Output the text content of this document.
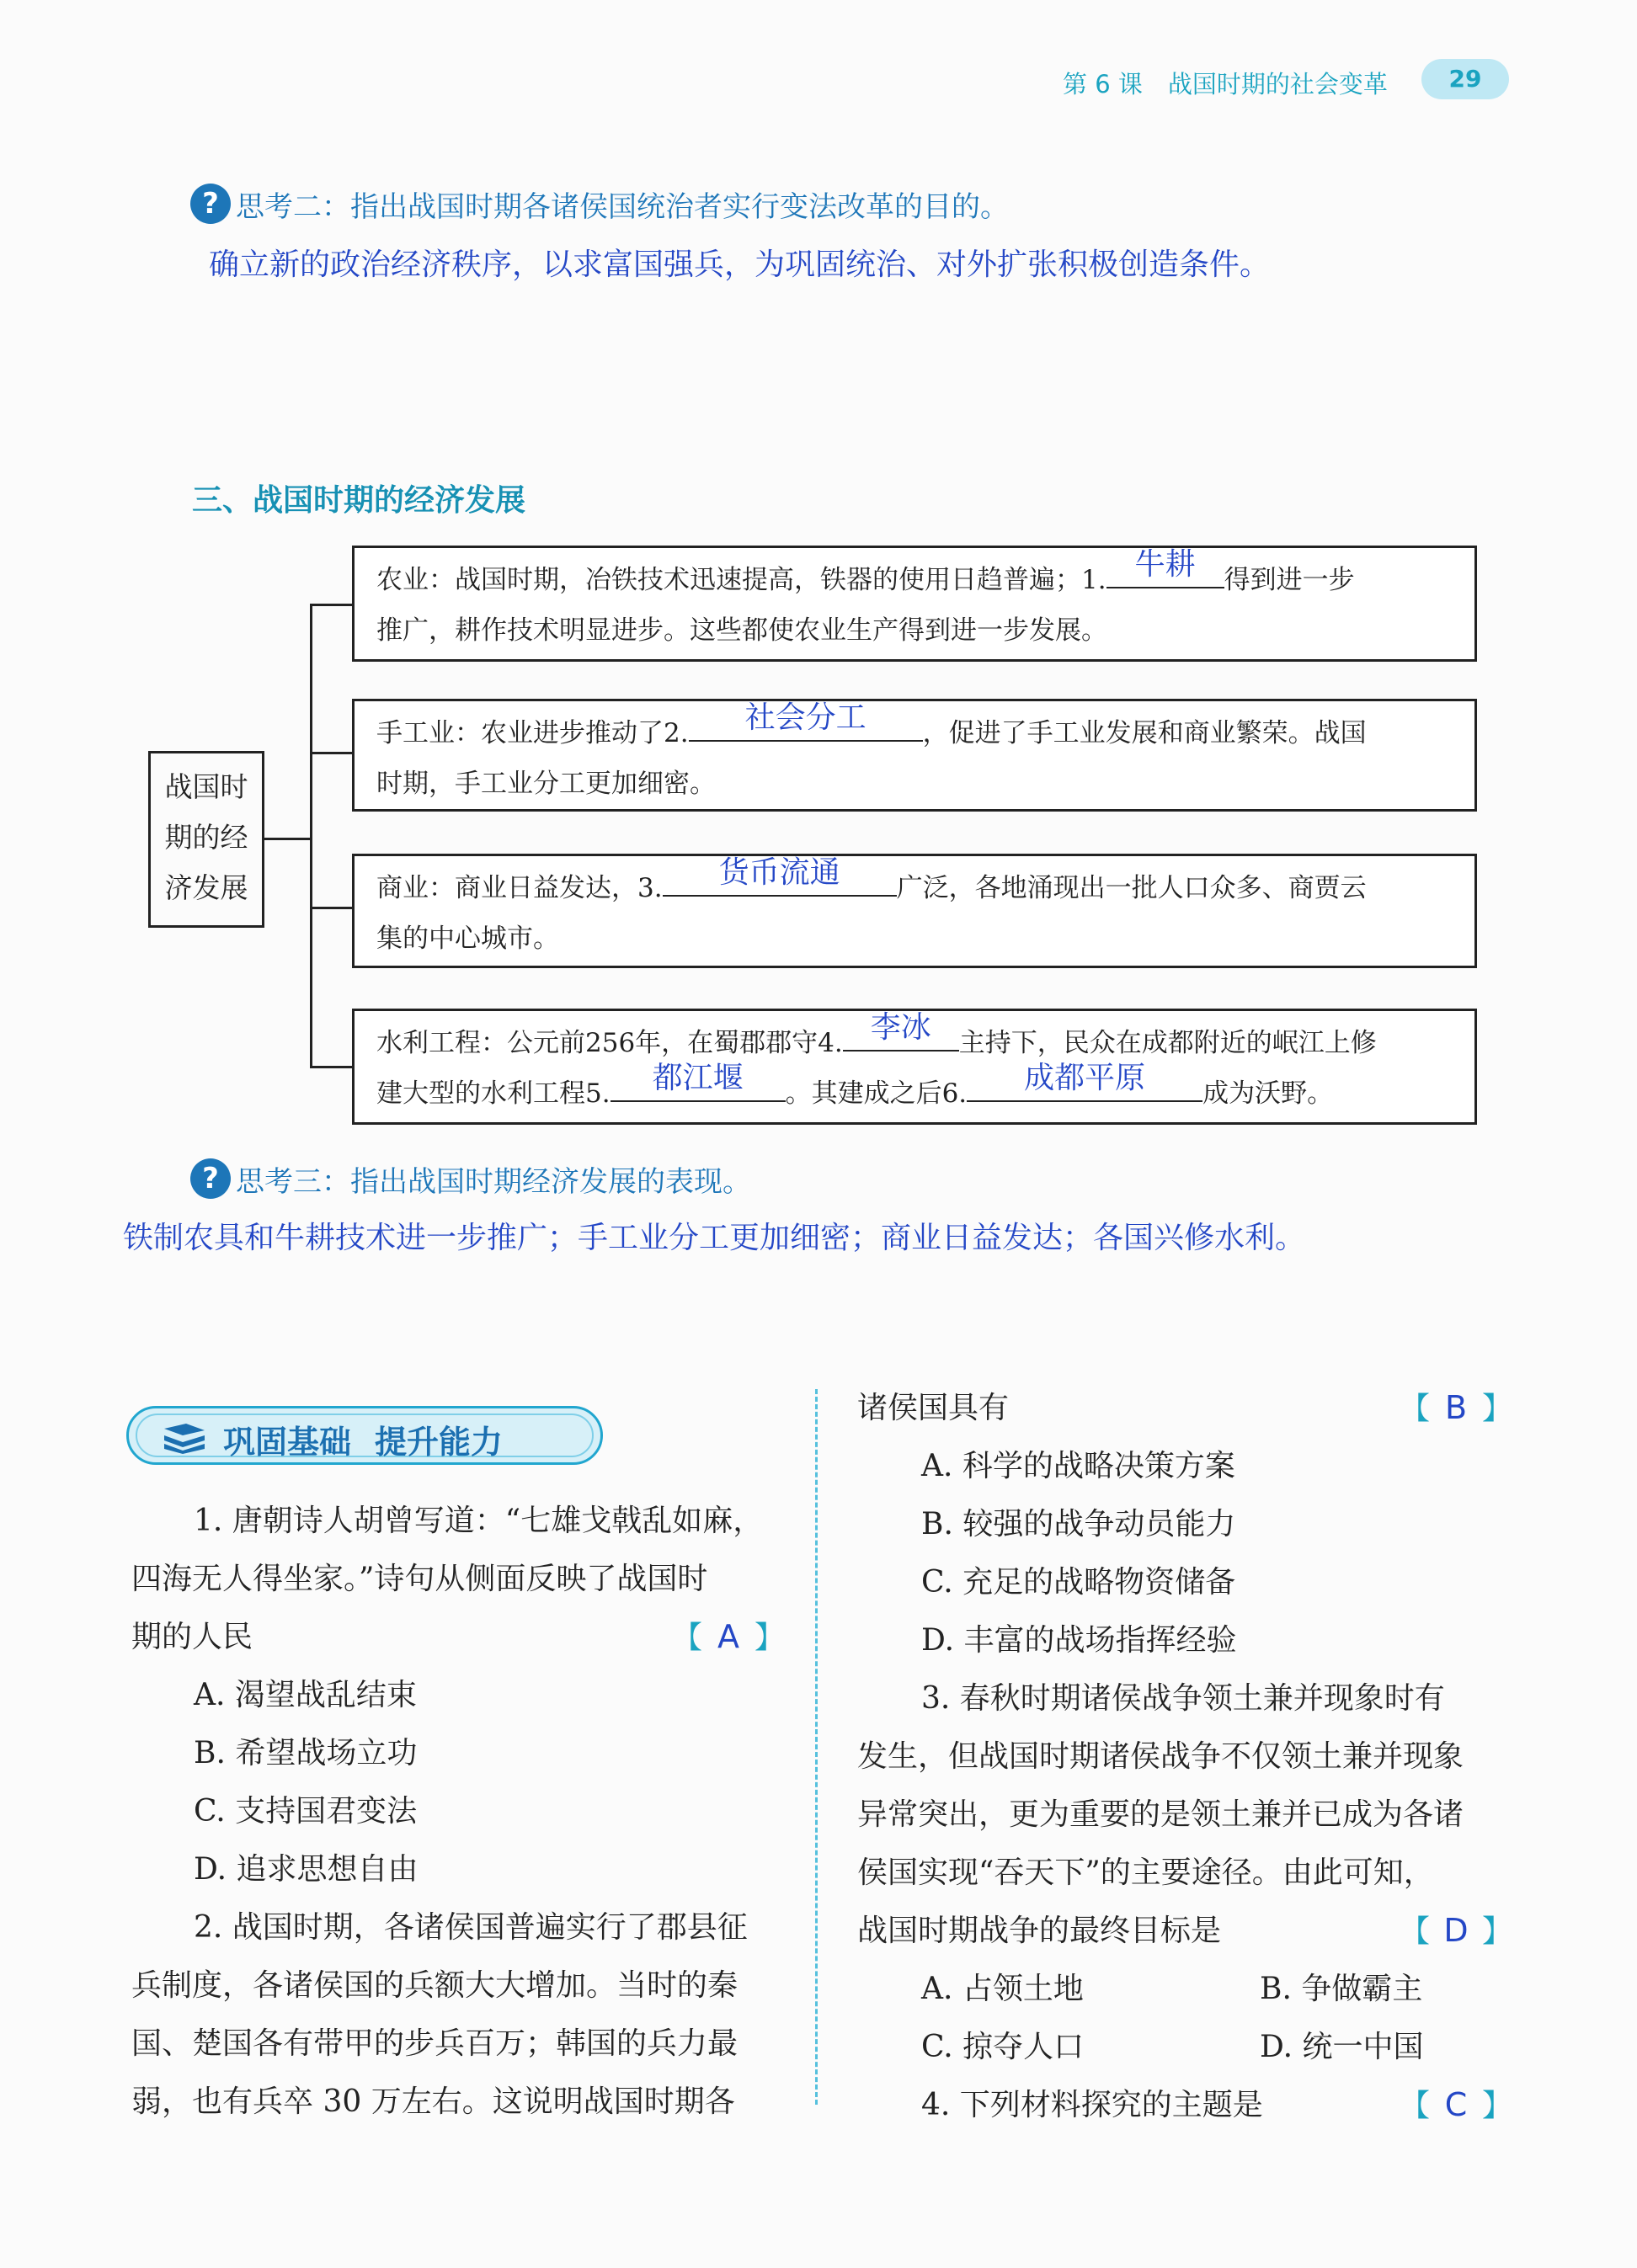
第 6 课 战国时期的社会变革	29
? 思考二：指出战国时期各诸侯国统治者实行变法改革的目的。
确立新的政治经济秩序，以求富国强兵，为巩固统治、对外扩张积极创造条件。
三、战国时期的经济发展
战国时
期的经
济发展
农业：战国时期，冶铁技术迅速提高，铁器的使用日趋普遍；1. 牛耕	得到进一步
推广，耕作技术明显进步。这些都使农业生产得到进一步发展。
手工业：农业进步推动了2.	社会分工	，促进了手工业发展和商业繁荣。战国
时期，手工业分工更加细密。
商业：商业日益发达，3.	货币流通	广泛，各地涌现出一批人口众多、商贾云
集的中心城市。
水利工程：公元前256年，在蜀郡郡守4. 李冰	主持下，民众在成都附近的岷江上修
建大型的水利工程5.	都江堰	。其建成之后6.	成都平原	成为沃野。
? 思考三：指出战国时期经济发展的表现。
铁制农具和牛耕技术进一步推广；手工业分工更加细密；商业日益发达；各国兴修水利。
巩固基础 提升能力
1. 唐朝诗人胡曾写道：“七雄戈戟乱如麻，
四海无人得坐家。”诗句从侧面反映了战国时
期的人民	【 A 】
A. 渴望战乱结束
B. 希望战场立功
C. 支持国君变法
D. 追求思想自由
2. 战国时期，各诸侯国普遍实行了郡县征
兵制度，各诸侯国的兵额大大增加。当时的秦
国、楚国各有带甲的步兵百万；韩国的兵力最
弱，也有兵卒 30 万左右。这说明战国时期各
诸侯国具有	【 B 】
A. 科学的战略决策方案
B. 较强的战争动员能力
C. 充足的战略物资储备
D. 丰富的战场指挥经验
3. 春秋时期诸侯战争领土兼并现象时有
发生，但战国时期诸侯战争不仅领土兼并现象
异常突出，更为重要的是领土兼并已成为各诸
侯国实现“吞天下”的主要途径。由此可知，
战国时期战争的最终目标是	【 D 】
A. 占领土地	B. 争做霸主
C. 掠夺人口	D. 统一中国
4. 下列材料探究的主题是	【 C 】
